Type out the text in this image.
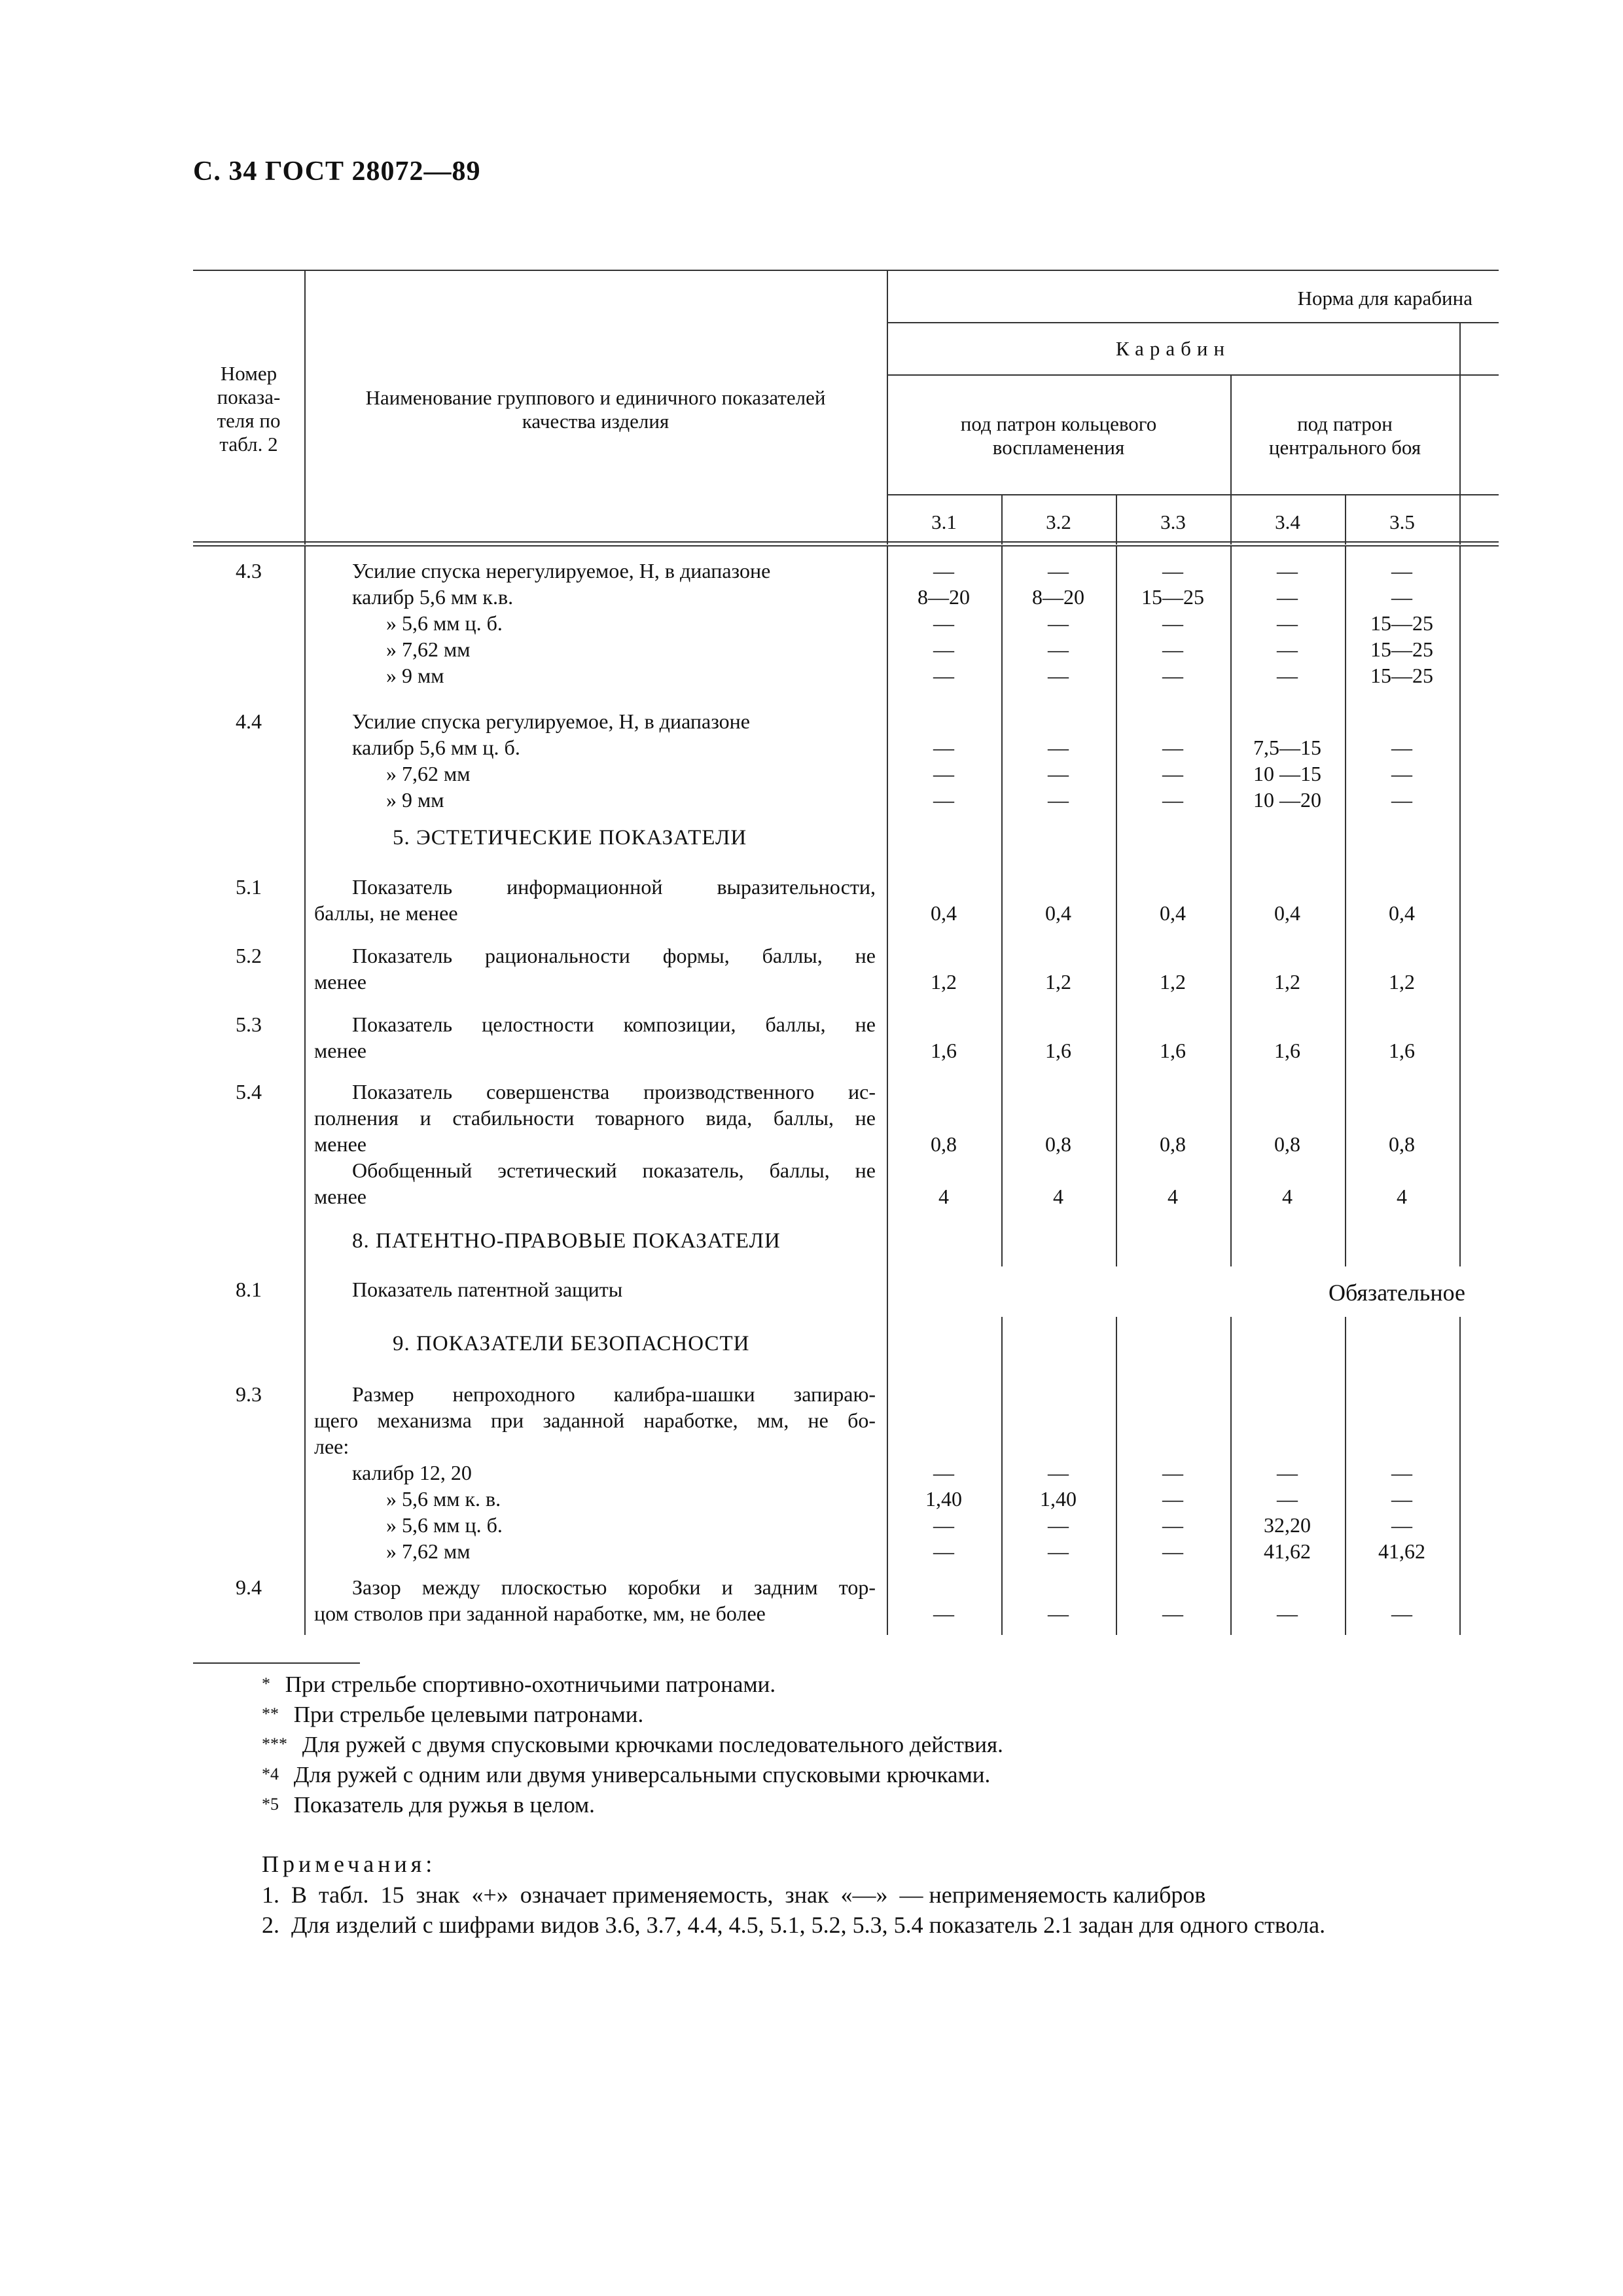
С. 34 ГОСТ 28072—89
Номер
показа-
теля по
табл. 2
Наименование группового и единичного показателей
качества изделия
Норма для карабина
Карабин
под патрон кольцевого
воспламенения
под патрон
центрального боя
3.1	3.2	3.3	3.4	3.5
4.3	Усилие спуска нерегулируемое, Н, в диапазоне	—	—	—	—	—
калибр 5,6 мм к.в.	8—20	8—20	15—25	—	—
» 5,6 мм ц. б.	—	—	—	—	15—25
» 7,62 мм	—	—	—	—	15—25
» 9 мм	—	—	—	—	15—25
4.4	Усилие спуска регулируемое, Н, в диапазоне
калибр 5,6 мм ц. б.	—	—	—	7,5—15	—
» 7,62 мм	—	—	—	10 —15	—
» 9 мм	—	—	—	10 —20	—
5. ЭСТЕТИЧЕСКИЕ ПОКАЗАТЕЛИ
5.1	Показатель информационной выразительности,
баллы, не менее	0,4	0,4	0,4	0,4	0,4
5.2	Показатель рациональности формы, баллы, не
менее	1,2	1,2	1,2	1,2	1,2
5.3	Показатель целостности композиции, баллы, не
менее	1,6	1,6	1,6	1,6	1,6
5.4	Показатель совершенства производственного ис-
полнения и стабильности товарного вида, баллы, не
менее	0,8	0,8	0,8	0,8	0,8
Обобщенный эстетический показатель, баллы, не
менее	4	4	4	4	4
8. ПАТЕНТНО-ПРАВОВЫЕ ПОКАЗАТЕЛИ
8.1	Показатель патентной защиты	Обязательное
9. ПОКАЗАТЕЛИ БЕЗОПАСНОСТИ
9.3	Размер непроходного калибра-шашки запираю-
щего механизма при заданной наработке, мм, не бо-
лее:
калибр 12, 20	—	—	—	—	—
» 5,6 мм к. в.	1,40	1,40	—	—	—
» 5,6 мм ц. б.	—	—	—	32,20	—
» 7,62 мм	—	—	—	41,62	41,62
9.4	Зазор между плоскостью коробки и задним тор-
цом стволов при заданной наработке, мм, не более	—	—	—	—	—
* При стрельбе спортивно-охотничьими патронами.
** При стрельбе целевыми патронами.
*** Для ружей с двумя спусковыми крючками последовательного действия.
*4 Для ружей с одним или двумя универсальными спусковыми крючками.
*5 Показатель для ружья в целом.
Примечания:
1.  В  табл.  15  знак  «+»  означает применяемость,  знак  «—»  — неприменяемость калибров
2.  Для изделий с шифрами видов 3.6, 3.7, 4.4, 4.5, 5.1, 5.2, 5.3, 5.4 показатель 2.1 задан для одного ствола.
